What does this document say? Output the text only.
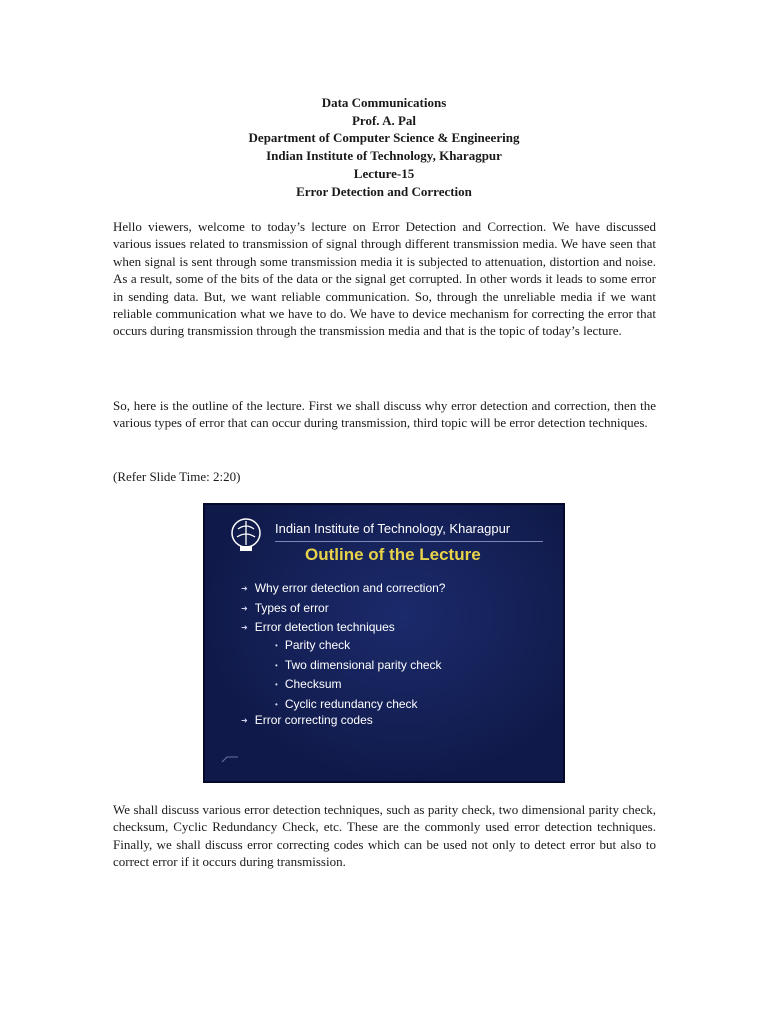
Data Communications
Prof. A. Pal
Department of Computer Science & Engineering
Indian Institute of Technology, Kharagpur
Lecture-15
Error Detection and Correction

Hello viewers, welcome to today’s lecture on Error Detection and Correction. We have discussed various issues related to transmission of signal through different transmission media. We have seen that when signal is sent through some transmission media it is subjected to attenuation, distortion and noise. As a result, some of the bits of the data or the signal get corrupted. In other words it leads to some error in sending data. But, we want reliable communication. So, through the unreliable media if we want reliable communication what we have to do. We have to device mechanism for correcting the error that occurs during transmission through the transmission media and that is the topic of today’s lecture.

So, here is the outline of the lecture. First we shall discuss why error detection and correction, then the various types of error that can occur during transmission, third topic will be error detection techniques.

(Refer Slide Time: 2:20)

Indian Institute of Technology, Kharagpur
Outline of the Lecture
➜ Why error detection and correction?
➜ Types of error
➜ Error detection techniques
• Parity check
• Two dimensional parity check
• Checksum
• Cyclic redundancy check
➜ Error correcting codes

We shall discuss various error detection techniques, such as parity check, two dimensional parity check, checksum, Cyclic Redundancy Check, etc. These are the commonly used error detection techniques. Finally, we shall discuss error correcting codes which can be used not only to detect error but also to correct error if it occurs during transmission.
